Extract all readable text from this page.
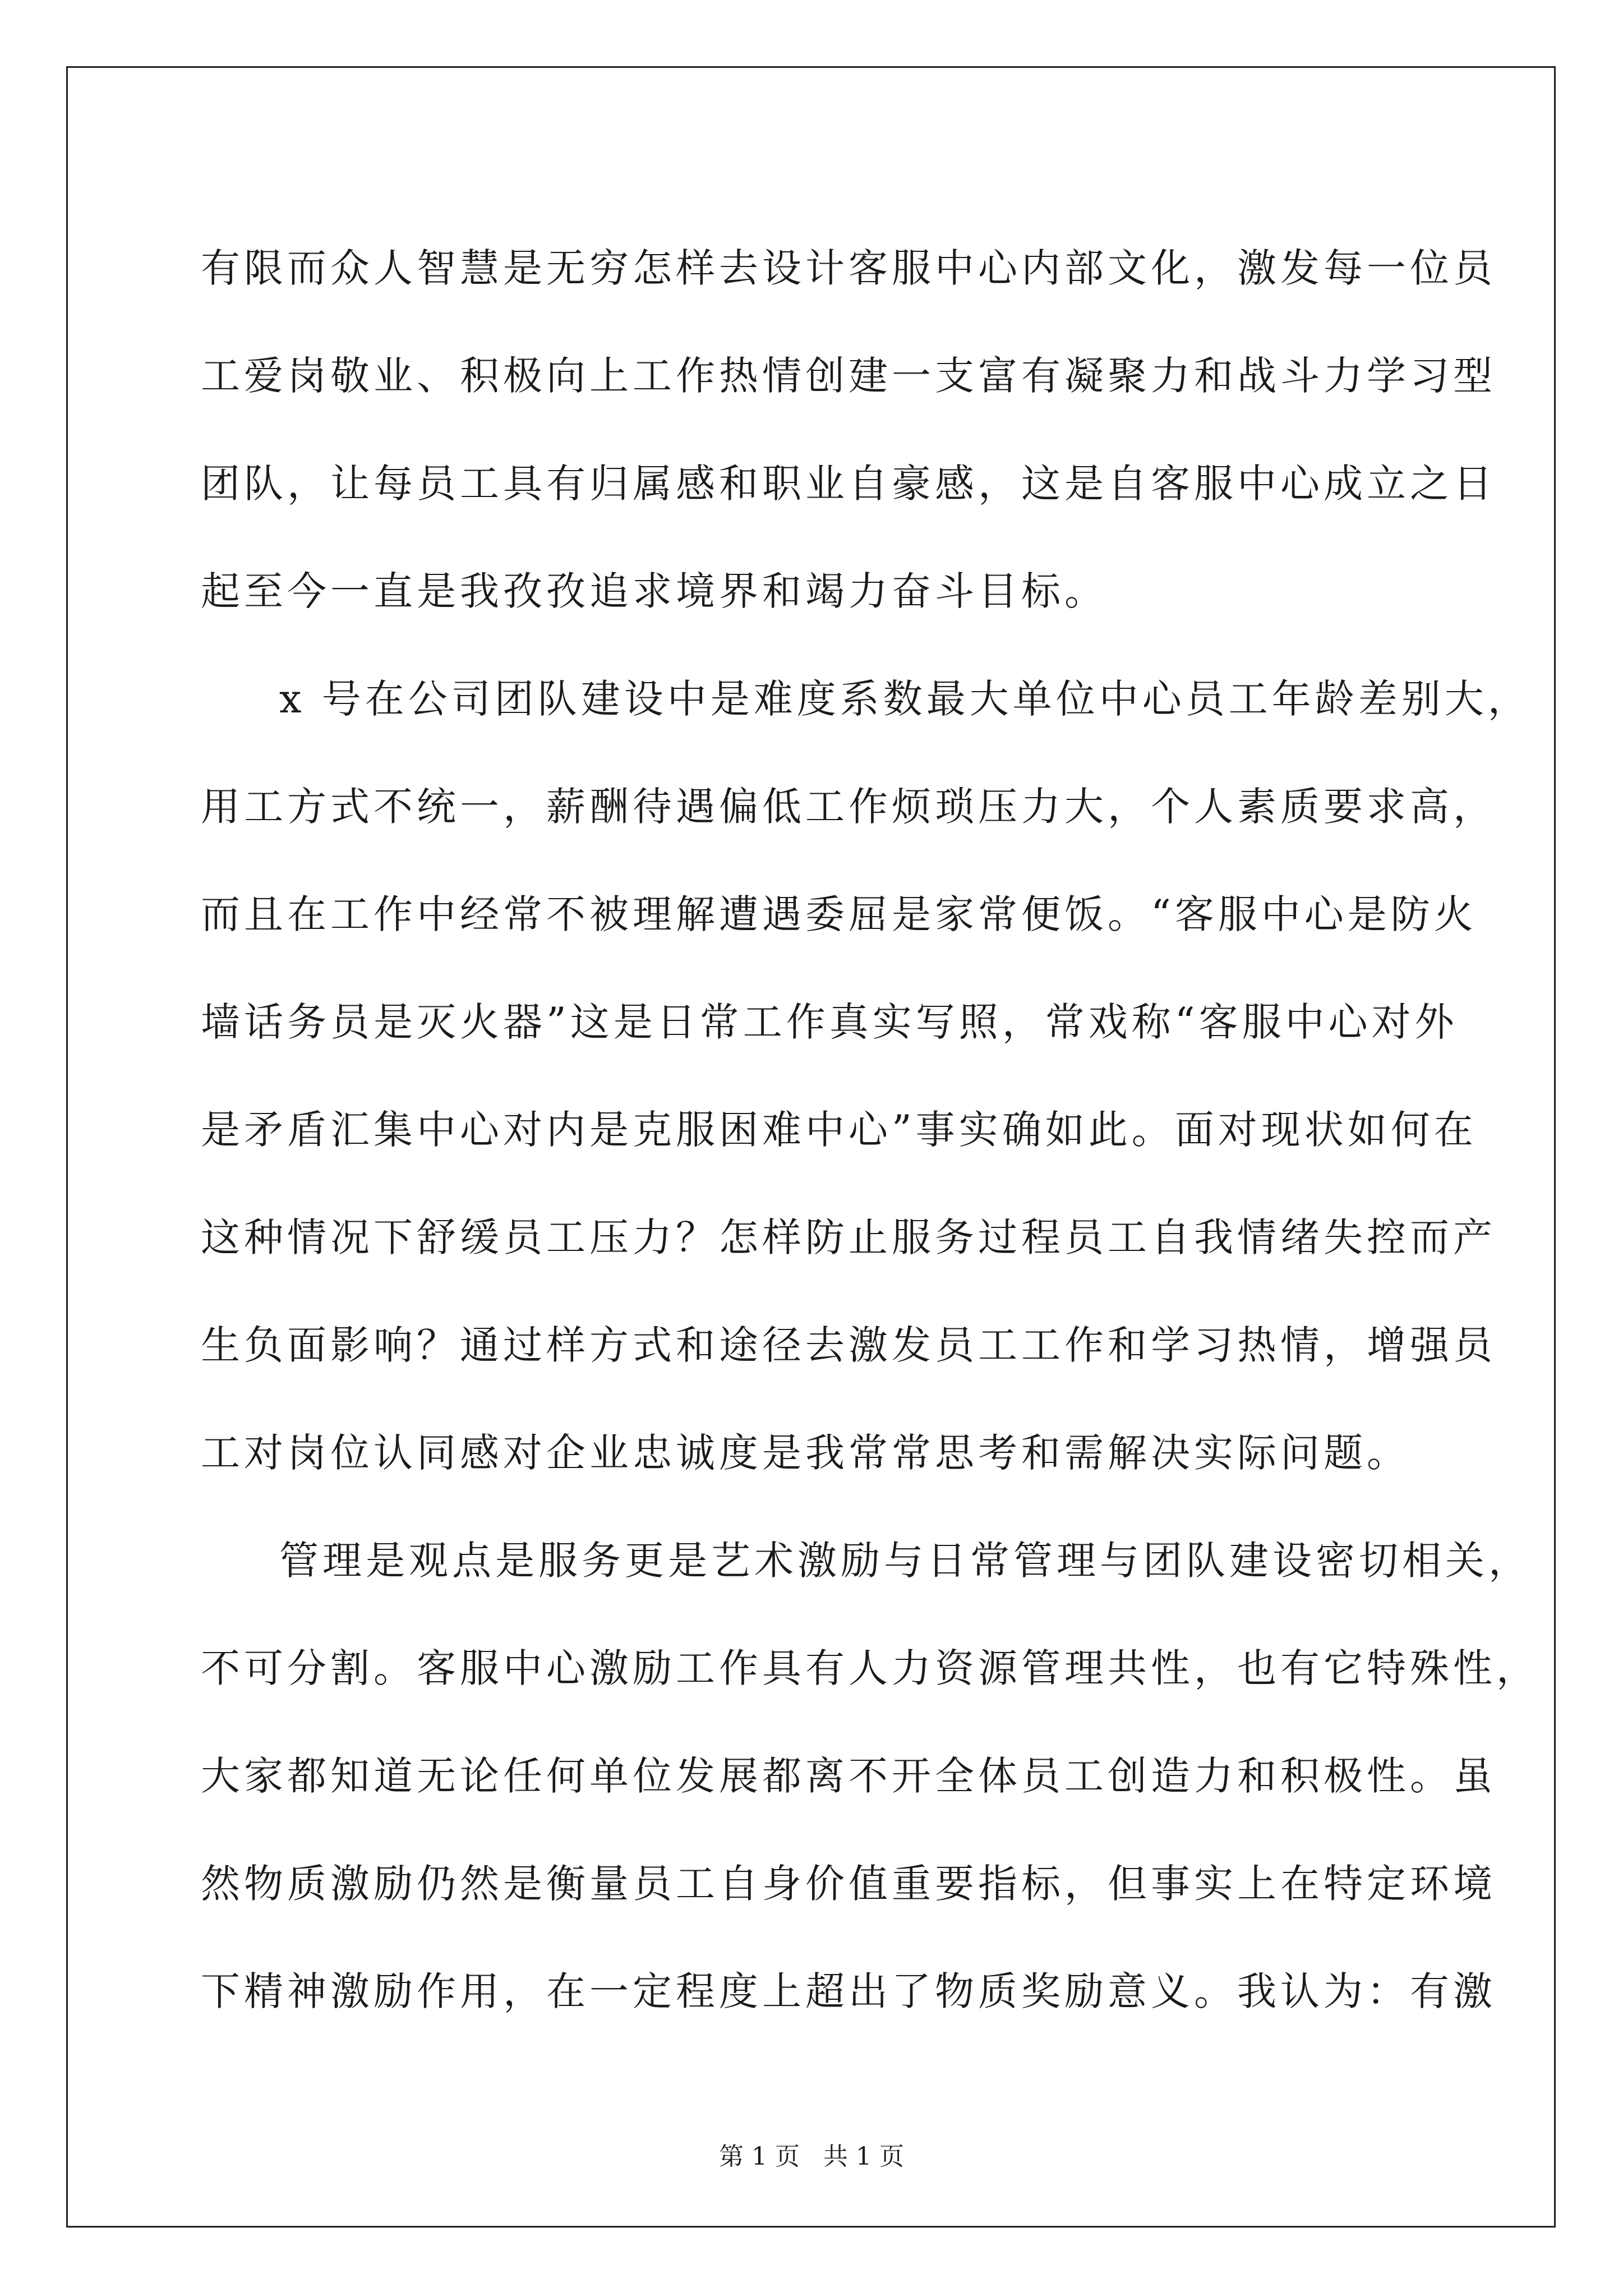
有限而众人智慧是无穷怎样去设计客服中心内部文化，激发每一位员
工爱岗敬业、积极向上工作热情创建一支富有凝聚力和战斗力学习型
团队，让每员工具有归属感和职业自豪感，这是自客服中心成立之日
起至今一直是我孜孜追求境界和竭力奋斗目标。
x 号在公司团队建设中是难度系数最大单位中心员工年龄差别大，
用工方式不统一，薪酬待遇偏低工作烦琐压力大，个人素质要求高，
而且在工作中经常不被理解遭遇委屈是家常便饭。“客服中心是防火
墙话务员是灭火器”这是日常工作真实写照，常戏称“客服中心对外
是矛盾汇集中心对内是克服困难中心”事实确如此。面对现状如何在
这种情况下舒缓员工压力？怎样防止服务过程员工自我情绪失控而产
生负面影响？通过样方式和途径去激发员工工作和学习热情，增强员
工对岗位认同感对企业忠诚度是我常常思考和需解决实际问题。
管理是观点是服务更是艺术激励与日常管理与团队建设密切相关，
不可分割。客服中心激励工作具有人力资源管理共性，也有它特殊性，
大家都知道无论任何单位发展都离不开全体员工创造力和积极性。虽
然物质激励仍然是衡量员工自身价值重要指标，但事实上在特定环境
下精神激励作用，在一定程度上超出了物质奖励意义。我认为：有激
第 1 页   共 1 页
